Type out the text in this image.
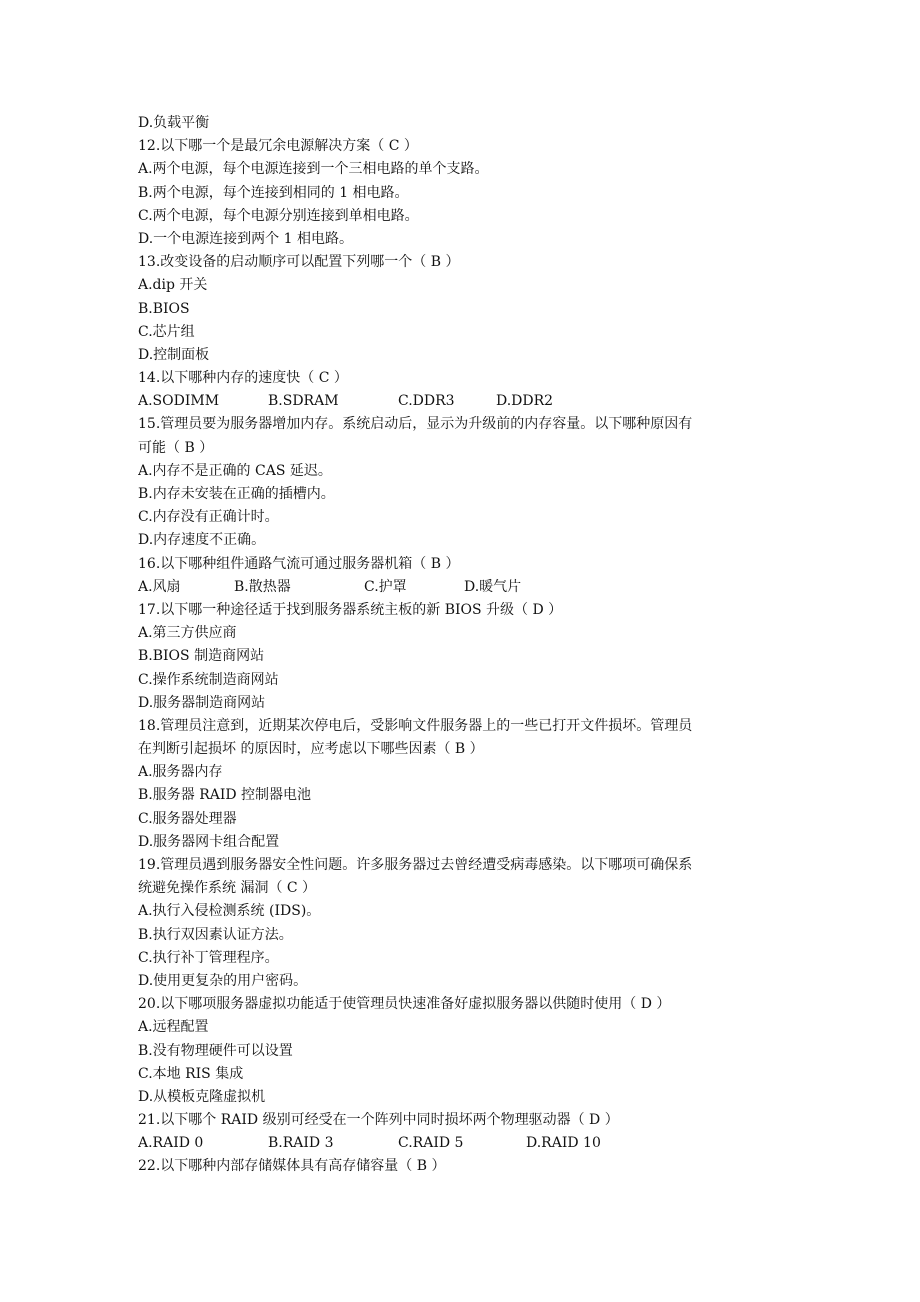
D.负载平衡
12.以下哪一个是最冗余电源解决方案（ C ）
A.两个电源，每个电源连接到一个三相电路的单个支路。
B.两个电源，每个连接到相同的 1 相电路。
C.两个电源，每个电源分别连接到单相电路。
D.一个电源连接到两个 1 相电路。
13.改变设备的启动顺序可以配置下列哪一个（ B ）
A.dip 开关
B.BIOS
C.芯片组
D.控制面板
14.以下哪种内存的速度快（ C ）
A.SODIMM	B.SDRAM	C.DDR3	D.DDR2
15.管理员要为服务器增加内存。系统启动后，显示为升级前的内存容量。以下哪种原因有
可能（ B ）
A.内存不是正确的 CAS 延迟。
B.内存未安装在正确的插槽内。
C.内存没有正确计时。
D.内存速度不正确。
16.以下哪种组件通路气流可通过服务器机箱（ B ）
A.风扇	B.散热器	C.护罩	D.暖气片
17.以下哪一种途径适于找到服务器系统主板的新 BIOS 升级（ D ）
A.第三方供应商
B.BIOS 制造商网站
C.操作系统制造商网站
D.服务器制造商网站
18.管理员注意到，近期某次停电后，受影响文件服务器上的一些已打开文件损坏。管理员
在判断引起损坏 的原因时，应考虑以下哪些因素（ B ）
A.服务器内存
B.服务器 RAID 控制器电池
C.服务器处理器
D.服务器网卡组合配置
19.管理员遇到服务器安全性问题。许多服务器过去曾经遭受病毒感染。以下哪项可确保系
统避免操作系统 漏洞（ C ）
A.执行入侵检测系统 (IDS)。
B.执行双因素认证方法。
C.执行补丁管理程序。
D.使用更复杂的用户密码。
20.以下哪项服务器虚拟功能适于使管理员快速准备好虚拟服务器以供随时使用（ D ）
A.远程配置
B.没有物理硬件可以设置
C.本地 RIS 集成
D.从模板克隆虚拟机
21.以下哪个 RAID 级别可经受在一个阵列中同时损坏两个物理驱动器（ D ）
A.RAID 0	B.RAID 3	C.RAID 5	D.RAID 10
22.以下哪种内部存储媒体具有高存储容量（ B ）
